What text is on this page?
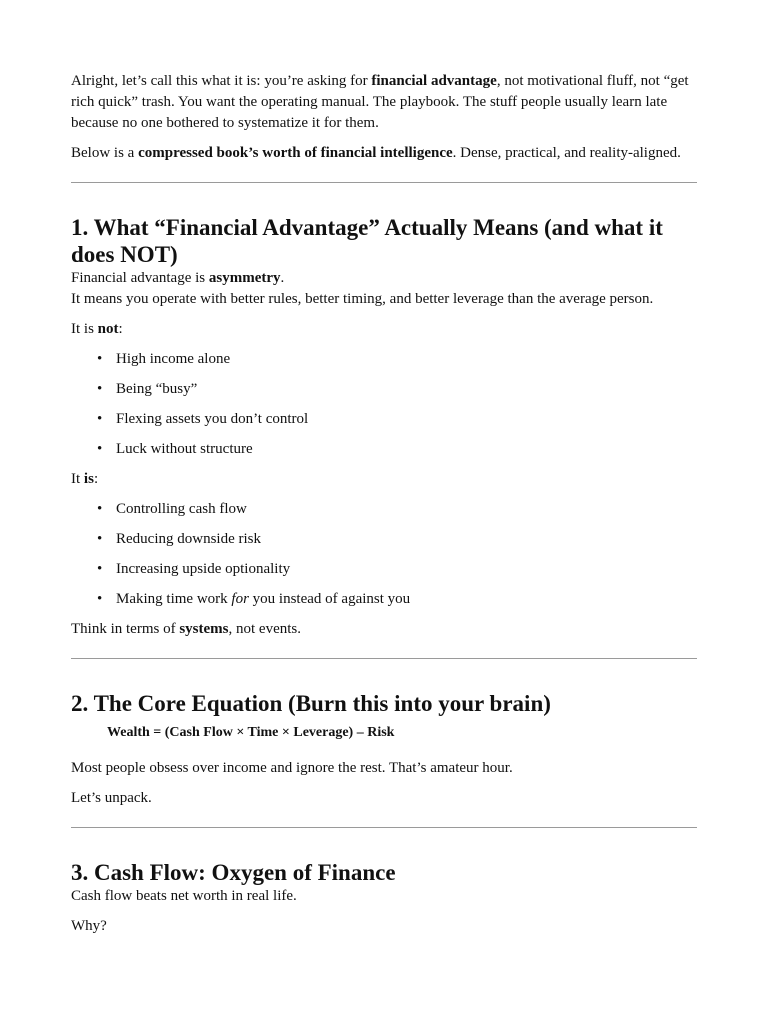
Alright, let’s call this what it is: you’re asking for financial advantage, not motivational fluff, not “get rich quick” trash. You want the operating manual. The playbook. The stuff people usually learn late because no one bothered to systematize it for them.

Below is a compressed book’s worth of financial intelligence. Dense, practical, and reality-aligned.

1. What “Financial Advantage” Actually Means (and what it does NOT)

Financial advantage is asymmetry.
It means you operate with better rules, better timing, and better leverage than the average person.

It is not:

• High income alone
• Being “busy”
• Flexing assets you don’t control
• Luck without structure

It is:

• Controlling cash flow
• Reducing downside risk
• Increasing upside optionality
• Making time work for you instead of against you

Think in terms of systems, not events.

2. The Core Equation (Burn this into your brain)

Wealth = (Cash Flow × Time × Leverage) – Risk

Most people obsess over income and ignore the rest. That’s amateur hour.

Let’s unpack.

3. Cash Flow: Oxygen of Finance

Cash flow beats net worth in real life.

Why?
